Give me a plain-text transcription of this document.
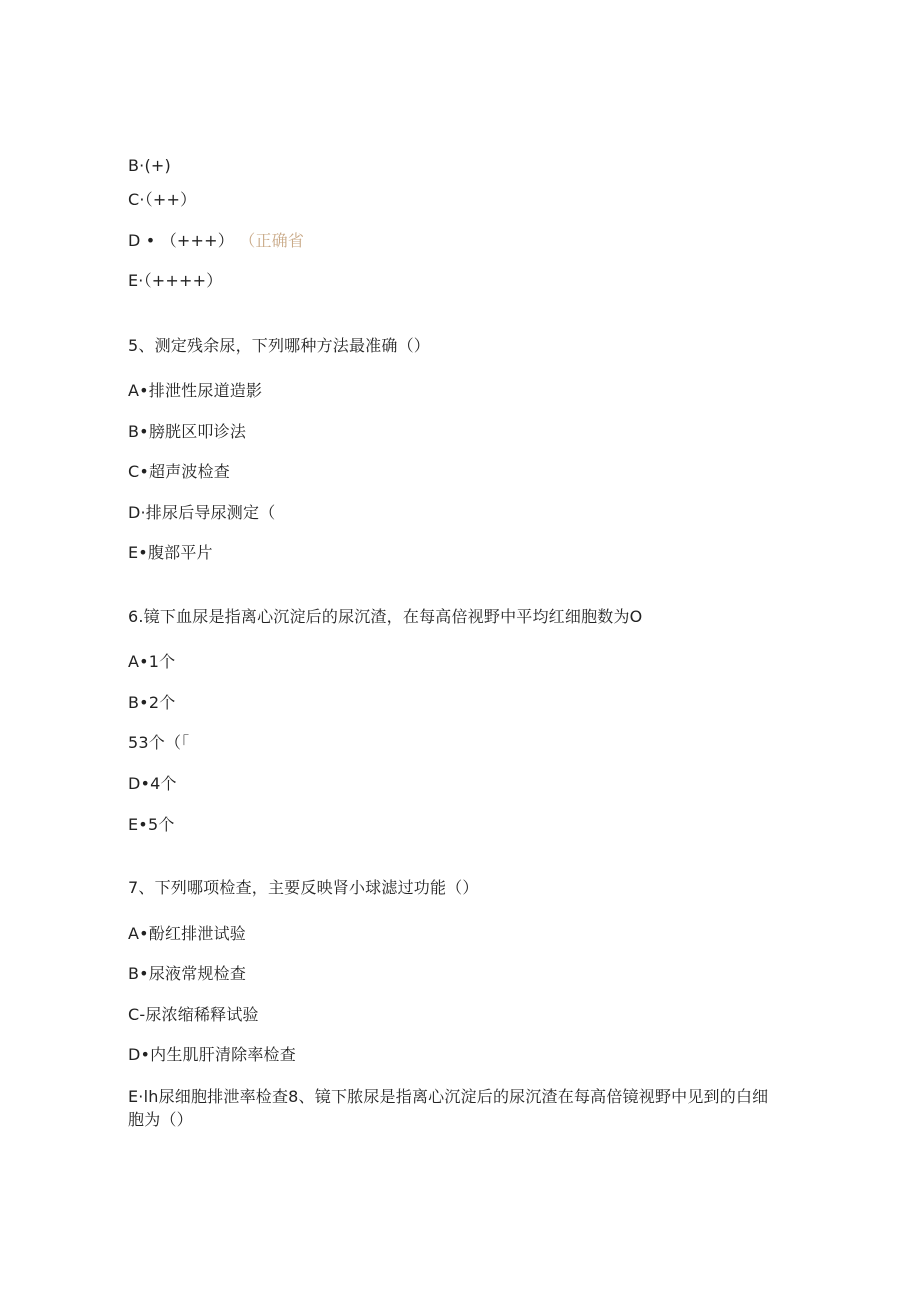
B·(+)
C·（++）
D • （+++） （正确省
E·（++++）
5、测定残余尿，下列哪种方法最准确（）
A•排泄性尿道造影
B•膀胱区叩诊法
C•超声波检查
D·排尿后导尿测定（
E•腹部平片
6.镜下血尿是指离心沉淀后的尿沉渣，在每高倍视野中平均红细胞数为O
A•1个
B•2个
53个（「
D•4个
E•5个
7、下列哪项检查，主要反映肾小球滤过功能（）
A•酚红排泄试验
B•尿液常规检查
C-尿浓缩稀释试验
D•内生肌肝清除率检查
E·lh尿细胞排泄率检查8、镜下脓尿是指离心沉淀后的尿沉渣在每高倍镜视野中见到的白细胞为（）
